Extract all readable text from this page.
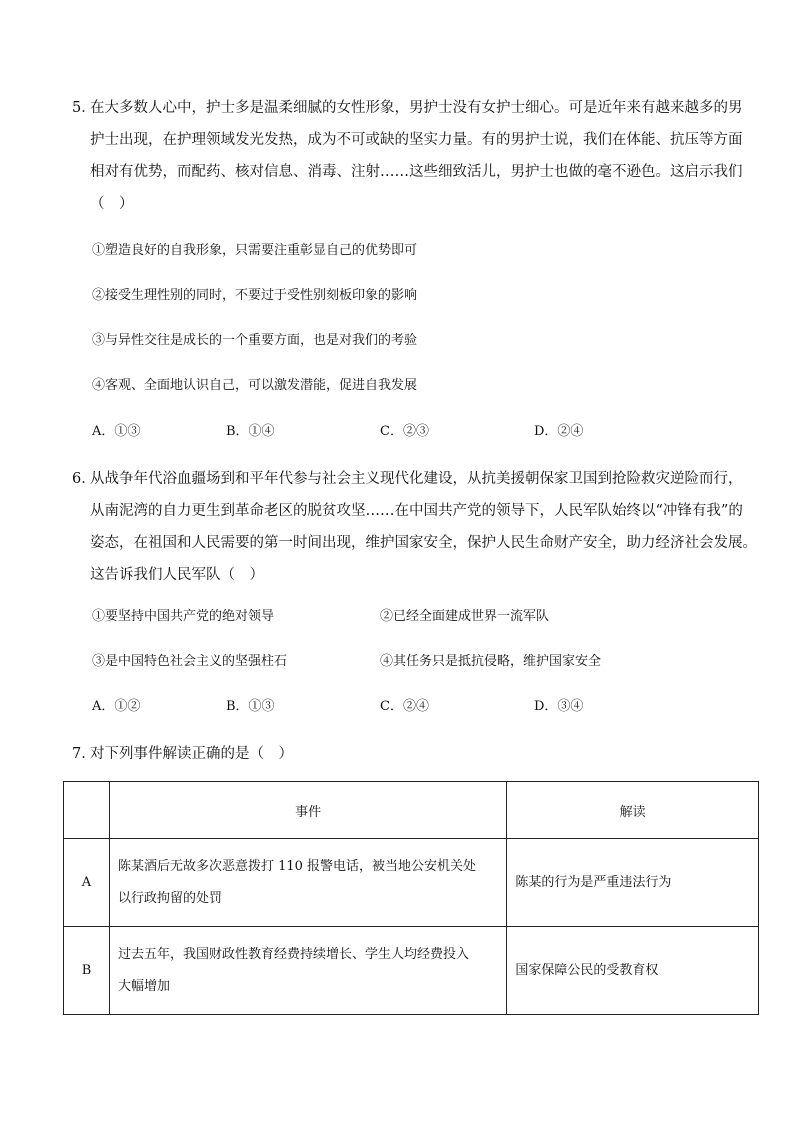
5．在大多数人心中，护士多是温柔细腻的女性形象，男护士没有女护士细心。可是近年来有越来越多的男
护士出现，在护理领域发光发热，成为不可或缺的坚实力量。有的男护士说，我们在体能、抗压等方面
相对有优势，而配药、核对信息、消毒、注射……这些细致活儿，男护士也做的毫不逊色。这启示我们
（　）
①塑造良好的自我形象，只需要注重彰显自己的优势即可
②接受生理性别的同时，不要过于受性别刻板印象的影响
③与异性交往是成长的一个重要方面，也是对我们的考验
④客观、全面地认识自己，可以激发潜能，促进自我发展
A．①③	B．①④	C．②③	D．②④
6．从战争年代浴血疆场到和平年代参与社会主义现代化建设，从抗美援朝保家卫国到抢险救灾逆险而行，
从南泥湾的自力更生到革命老区的脱贫攻坚……在中国共产党的领导下，人民军队始终以“冲锋有我”的
姿态，在祖国和人民需要的第一时间出现，维护国家安全，保护人民生命财产安全，助力经济社会发展。
这告诉我们人民军队（　）
①要坚持中国共产党的绝对领导	②已经全面建成世界一流军队
③是中国特色社会主义的坚强柱石	④其任务只是抵抗侵略，维护国家安全
A．①②	B．①③	C．②④	D．③④
7．对下列事件解读正确的是（　）
	事件	解读
A	陈某酒后无故多次恶意拨打 110 报警电话，被当地公安机关处
以行政拘留的处罚	陈某的行为是严重违法行为
B	过去五年，我国财政性教育经费持续增长、学生人均经费投入
大幅增加	国家保障公民的受教育权
